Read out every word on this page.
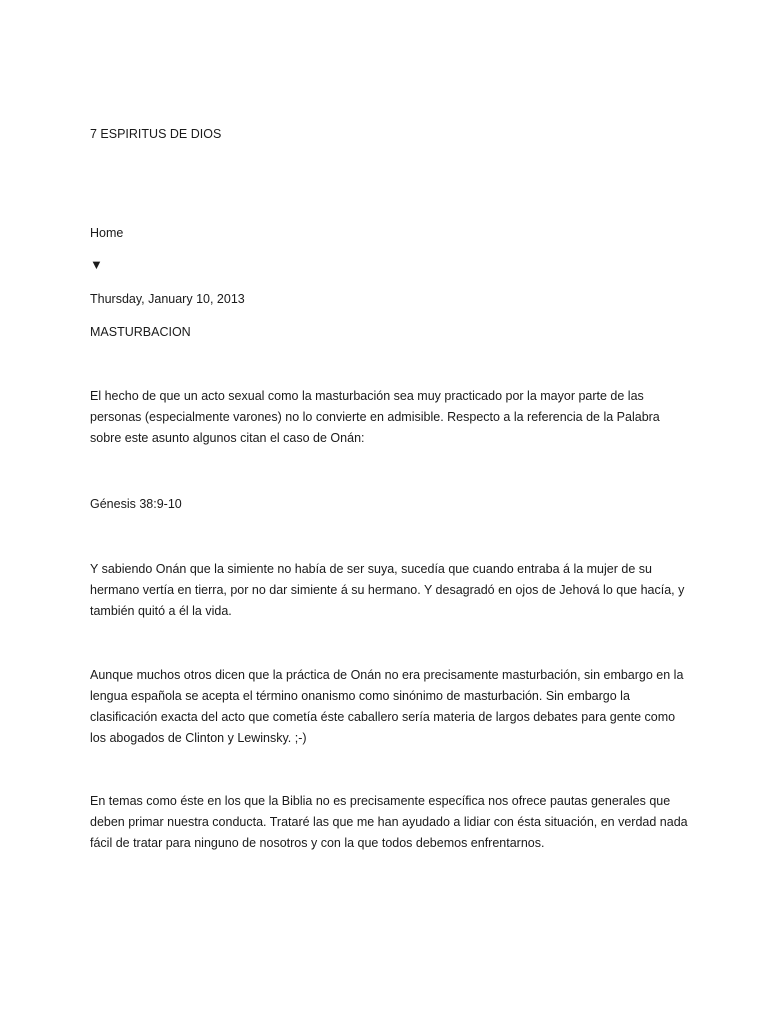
7 ESPIRITUS DE DIOS
Home
▼
Thursday, January 10, 2013
MASTURBACION
El hecho de que un acto sexual como la masturbación sea muy practicado por la mayor parte de las personas (especialmente varones) no lo convierte en admisible. Respecto a la referencia de la Palabra sobre este asunto algunos citan el caso de Onán:
Génesis 38:9-10
Y sabiendo Onán que la simiente no había de ser suya, sucedía que cuando entraba á la mujer de su hermano vertía en tierra, por no dar simiente á su hermano. Y desagradó en ojos de Jehová lo que hacía, y también quitó a él la vida.
Aunque muchos otros dicen que la práctica de Onán no era precisamente masturbación, sin embargo en la lengua española se acepta el término onanismo como sinónimo de masturbación. Sin embargo la clasificación exacta del acto que cometía éste caballero sería materia de largos debates para gente como los abogados de Clinton y Lewinsky. ;-)
En temas como éste en los que la Biblia no es precisamente específica nos ofrece pautas generales que deben primar nuestra conducta. Trataré las que me han ayudado a lidiar con ésta situación, en verdad nada fácil de tratar para ninguno de nosotros y con la que todos debemos enfrentarnos.
